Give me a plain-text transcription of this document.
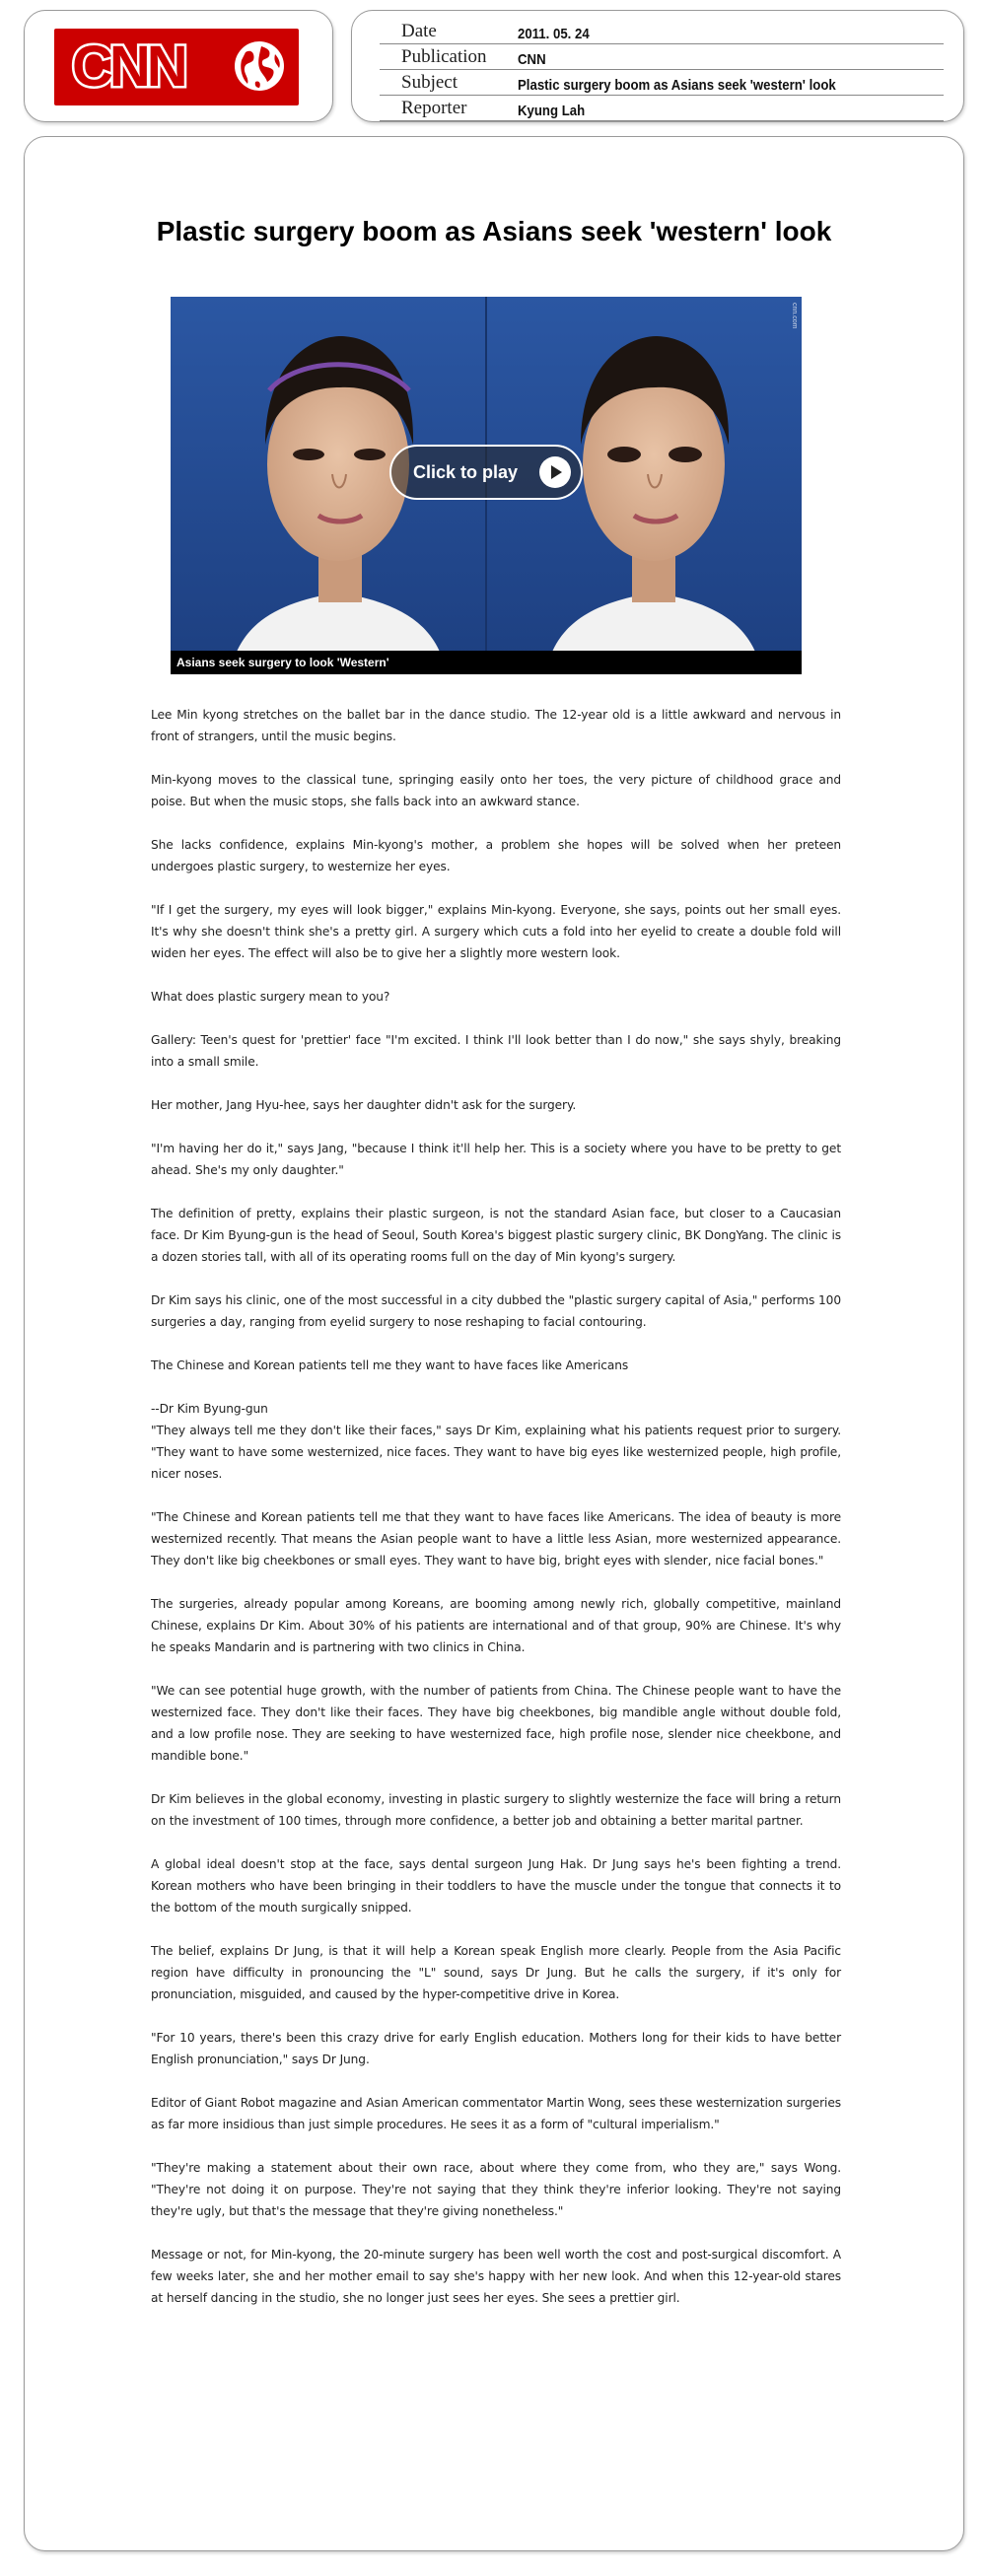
CNN
Date	2011. 05. 24
Publication	CNN
Subject	Plastic surgery boom as Asians seek 'western' look
Reporter	Kyung Lah
Plastic surgery boom as Asians seek 'western' look
cnn.com
Click to play
Asians seek surgery to look 'Western'

Lee Min kyong stretches on the ballet bar in the dance studio. The 12-year old is a little awkward and nervous in front of strangers, until the music begins.

Min-kyong moves to the classical tune, springing easily onto her toes, the very picture of childhood grace and poise. But when the music stops, she falls back into an awkward stance.

She lacks confidence, explains Min-kyong's mother, a problem she hopes will be solved when her preteen undergoes plastic surgery, to westernize her eyes.

"If I get the surgery, my eyes will look bigger," explains Min-kyong. Everyone, she says, points out her small eyes. It's why she doesn't think she's a pretty girl. A surgery which cuts a fold into her eyelid to create a double fold will widen her eyes. The effect will also be to give her a slightly more western look.

What does plastic surgery mean to you?

Gallery: Teen's quest for 'prettier' face "I'm excited. I think I'll look better than I do now," she says shyly, breaking into a small smile.

Her mother, Jang Hyu-hee, says her daughter didn't ask for the surgery.

"I'm having her do it," says Jang, "because I think it'll help her. This is a society where you have to be pretty to get ahead. She's my only daughter."

The definition of pretty, explains their plastic surgeon, is not the standard Asian face, but closer to a Caucasian face. Dr Kim Byung-gun is the head of Seoul, South Korea's biggest plastic surgery clinic, BK DongYang. The clinic is a dozen stories tall, with all of its operating rooms full on the day of Min kyong's surgery.

Dr Kim says his clinic, one of the most successful in a city dubbed the "plastic surgery capital of Asia," performs 100 surgeries a day, ranging from eyelid surgery to nose reshaping to facial contouring.

The Chinese and Korean patients tell me they want to have faces like Americans

--Dr Kim Byung-gun
"They always tell me they don't like their faces," says Dr Kim, explaining what his patients request prior to surgery. "They want to have some westernized, nice faces. They want to have big eyes like westernized people, high profile, nicer noses.

"The Chinese and Korean patients tell me that they want to have faces like Americans. The idea of beauty is more westernized recently. That means the Asian people want to have a little less Asian, more westernized appearance. They don't like big cheekbones or small eyes. They want to have big, bright eyes with slender, nice facial bones."

The surgeries, already popular among Koreans, are booming among newly rich, globally competitive, mainland Chinese, explains Dr Kim. About 30% of his patients are international and of that group, 90% are Chinese. It's why he speaks Mandarin and is partnering with two clinics in China.

"We can see potential huge growth, with the number of patients from China. The Chinese people want to have the westernized face. They don't like their faces. They have big cheekbones, big mandible angle without double fold, and a low profile nose. They are seeking to have westernized face, high profile nose, slender nice cheekbone, and mandible bone."

Dr Kim believes in the global economy, investing in plastic surgery to slightly westernize the face will bring a return on the investment of 100 times, through more confidence, a better job and obtaining a better marital partner.

A global ideal doesn't stop at the face, says dental surgeon Jung Hak. Dr Jung says he's been fighting a trend. Korean mothers who have been bringing in their toddlers to have the muscle under the tongue that connects it to the bottom of the mouth surgically snipped.

The belief, explains Dr Jung, is that it will help a Korean speak English more clearly. People from the Asia Pacific region have difficulty in pronouncing the "L" sound, says Dr Jung. But he calls the surgery, if it's only for pronunciation, misguided, and caused by the hyper-competitive drive in Korea.

"For 10 years, there's been this crazy drive for early English education. Mothers long for their kids to have better English pronunciation," says Dr Jung.

Editor of Giant Robot magazine and Asian American commentator Martin Wong, sees these westernization surgeries as far more insidious than just simple procedures. He sees it as a form of "cultural imperialism."

"They're making a statement about their own race, about where they come from, who they are," says Wong. "They're not doing it on purpose. They're not saying that they think they're inferior looking. They're not saying they're ugly, but that's the message that they're giving nonetheless."

Message or not, for Min-kyong, the 20-minute surgery has been well worth the cost and post-surgical discomfort. A few weeks later, she and her mother email to say she's happy with her new look. And when this 12-year-old stares at herself dancing in the studio, she no longer just sees her eyes. She sees a prettier girl.
